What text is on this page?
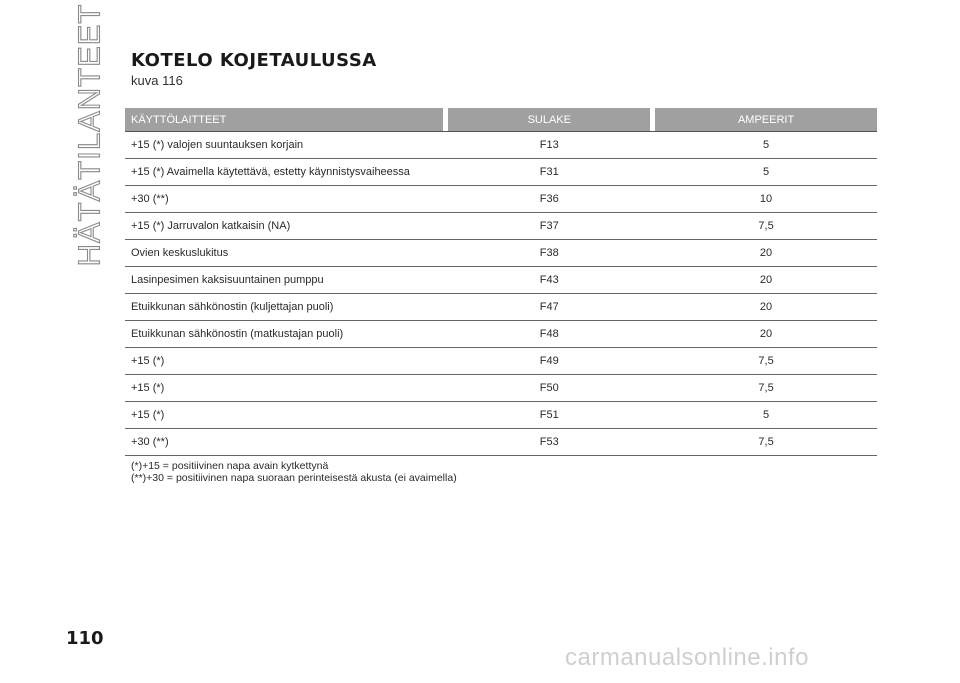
HÄTÄTILANTEET KOTELO KOJETAULUSSA
kuva 116
KÄYTTÖLAITTEET		SULAKE		AMPEERIT
+15 (*) valojen suuntauksen korjain		F13		5
+15 (*) Avaimella käytettävä, estetty käynnistysvaiheessa		F31		5
+30 (**)		F36		10
+15 (*) Jarruvalon katkaisin (NA)		F37		7,5
Ovien keskuslukitus		F38		20
Lasinpesimen kaksisuuntainen pumppu		F43		20
Etuikkunan sähkönostin (kuljettajan puoli)		F47		20
Etuikkunan sähkönostin (matkustajan puoli)		F48		20
+15 (*)		F49		7,5
+15 (*)		F50		7,5
+15 (*)		F51		5
+30 (**)		F53		7,5
(*)+15 = positiivinen napa avain kytkettynä
(**)+30 = positiivinen napa suoraan perinteisestä akusta (ei avaimella)
110
carmanualsonline.info
